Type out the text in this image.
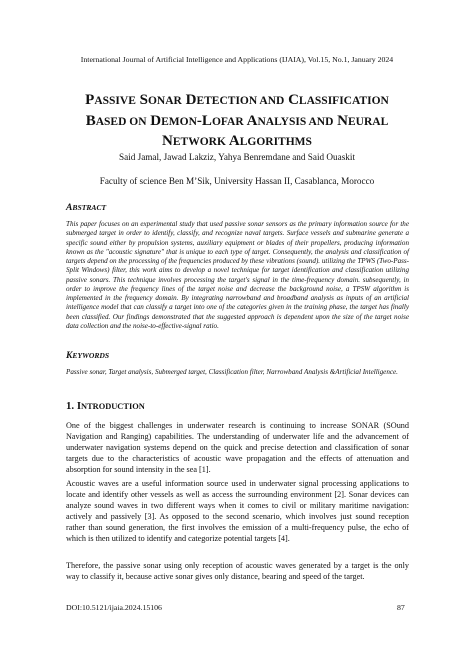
International Journal of Artificial Intelligence and Applications (IJAIA), Vol.15, No.1, January 2024
PASSIVE SONAR DETECTION AND CLASSIFICATION
BASED ON DEMON-LOFAR ANALYSIS AND NEURAL
NETWORK ALGORITHMS
Said Jamal, Jawad Lakziz, Yahya Benremdane and Said Ouaskit
Faculty of science Ben M’Sik, University Hassan II, Casablanca, Morocco
ABSTRACT
This paper focuses on an experimental study that used passive sonar sensors as the primary information source for the submerged target in order to identify, classify, and recognize naval targets. Surface vessels and submarine generate a specific sound either by propulsion systems, auxiliary equipment or blades of their propellers, producing information known as the "acoustic signature" that is unique to each type of target. Consequently, the analysis and classification of targets depend on the processing of the frequencies produced by these vibrations (sound). utilizing the TPWS (Two-Pass-Split Windows) filter, this work aims to develop a novel technique for target identification and classification utilizing passive sonars. This technique involves processing the target's signal in the time-frequency domain. subsequently, in order to improve the frequency lines of the target noise and decrease the background noise, a TPSW algorithm is implemented in the frequency domain. By integrating narrowband and broadband analysis as inputs of an artificial intelligence model that can classify a target into one of the categories given in the training phase, the target has finally been classified. Our findings demonstrated that the suggested approach is dependent upon the size of the target noise data collection and the noise-to-effective-signal ratio.
KEYWORDS
Passive sonar, Target analysis, Submerged target, Classification filter, Narrowband Analysis &Artificial Intelligence.
1. INTRODUCTION
One of the biggest challenges in underwater research is continuing to increase SONAR (SOund Navigation and Ranging) capabilities. The understanding of underwater life and the advancement of underwater navigation systems depend on the quick and precise detection and classification of sonar targets due to the characteristics of acoustic wave propagation and the effects of attenuation and absorption for sound intensity in the sea [1].
Acoustic waves are a useful information source used in underwater signal processing applications to locate and identify other vessels as well as access the surrounding environment [2]. Sonar devices can analyze sound waves in two different ways when it comes to civil or military maritime navigation: actively and passively [3]. As opposed to the second scenario, which involves just sound reception rather than sound generation, the first involves the emission of a multi-frequency pulse, the echo of which is then utilized to identify and categorize potential targets [4].
Therefore, the passive sonar using only reception of acoustic waves generated by a target is the only way to classify it, because active sonar gives only distance, bearing and speed of the target.
DOI:10.5121/ijaia.2024.15106	87
